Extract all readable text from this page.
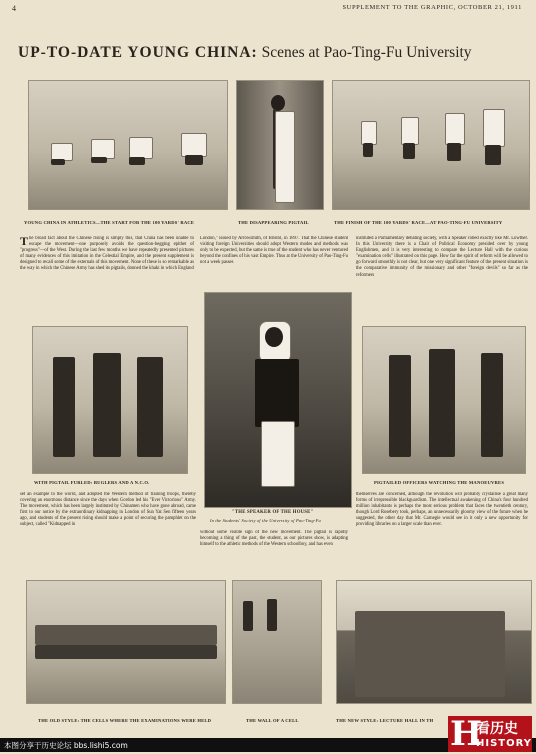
4	SUPPLEMENT TO THE GRAPHIC, OCTOBER 21, 1911
UP-TO-DATE YOUNG CHINA: Scenes at Pao-Ting-Fu University
YOUNG CHINA IN ATHLETICS—THE START FOR THE 100 YARDS' RACE	THE DISAPPEARING PIGTAIL	THE FINISH OF THE 100 YARDS' RACE—AT PAO-TING-FU UNIVERSITY
The broad fact about the Chinese rising is simply this, that China has been unable to escape the movement—one purposely avoids the question-begging epithet of "progress"—of the West. During the last few months we have repeatedly presented pictures of many evidences of this imitation in the Celestial Empire, and the present supplement is designed to recall some of the externals of this movement. None of these is so remarkable as the way in which the Chinese Army has shed its pigtails, donned the khaki in which England
London," issued by Arrowsmith, of Bristol, in 1897. That the Chinese student visiting foreign Universities should adopt Western modes and methods was only to be expected, but the same is true of the student who has never ventured beyond the confines of his vast Empire. Thus at the University of Pao-Ting-Fu not a week passes
instituted a Parliamentary debating society, with a Speaker robed exactly like Mr. Lowther. In this University there is a Chair of Political Economy presided over by young Englishmen, and it is very interesting to compare the Lecture Hall with the curious "examination cells" illustrated on this page. How far the spirit of reform will be allowed to go forward smoothly is not clear, but one very significant feature of the present situation is the comparative immunity of the missionary and other "foreign devils" so far as the reformers
WITH PIGTAIL FURLED: BUGLERS AND A N.C.O.
"THE SPEAKER OF THE HOUSE"
In the Students' Society of the University of Pao-Ting-Fu
PIGTAILED OFFICERS WATCHING THE MANOEUVRES
set an example to the world, and adopted the Western method of training troops, thereby covering an enormous distance since the days when Gordon led his "Ever Victorious" Army. The movement, which has been largely instituted by Chinamen who have gone abroad, came first to our notice by the extraordinary kidnapping in London of Sun Yat Sen fifteen years ago, and students of the present rising should make a point of securing the pamphlet on the subject, called "Kidnapped in
without some visible sign of the new movement. The pigtail is rapidly becoming a thing of the past, the student, as our pictures show, is adapting himself to the athletic methods of the Western schoolboy, and has even
themselves are concerned, although the revolution will probably crystallise a great many forms of irrepressible blackguardism. The intellectual awakening of China's four hundred million inhabitants is perhaps the most serious problem that faces the twentieth century, though Lord Rosebery took, perhaps, an unnecessarily gloomy view of the future when he suggested, the other day that Mr. Carnegie would see in it only a new opportunity for providing libraries on a larger scale than ever.
THE OLD STYLE: THE CELLS WHERE THE EXAMINATIONS WERE HELD	THE WALL OF A CELL	THE NEW STYLE: LECTURE HALL IN TH
本图分享于历史论坛 bbs.lishi5.com	H
看历史
HISTORY
